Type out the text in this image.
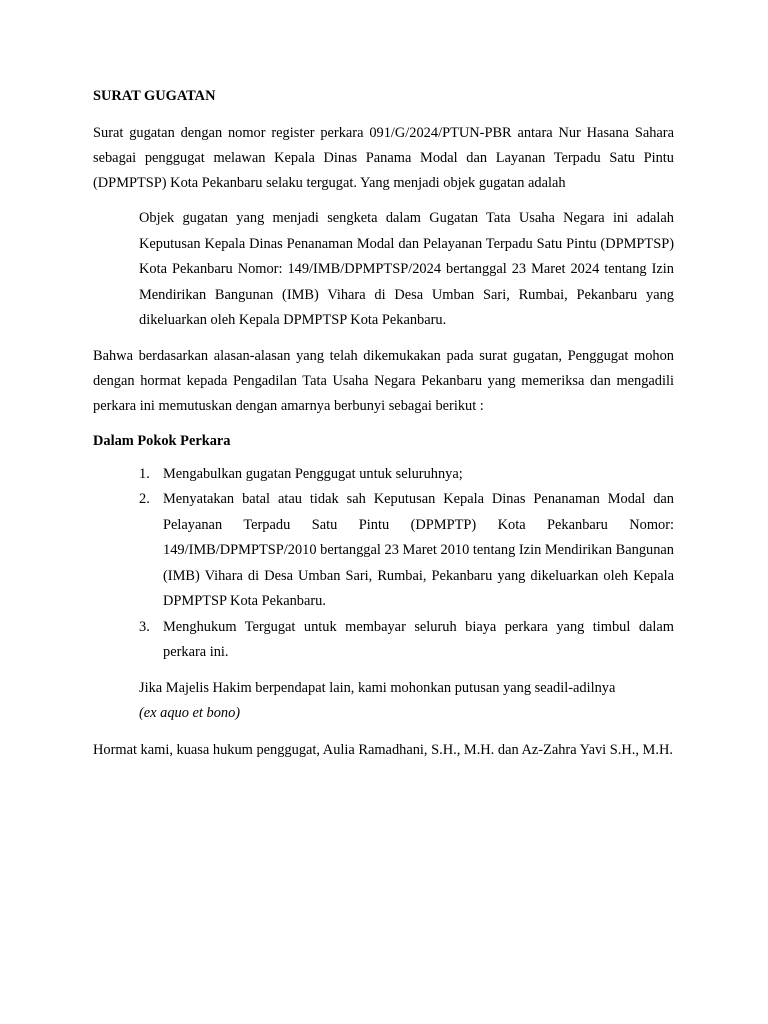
SURAT GUGATAN

Surat gugatan dengan nomor register perkara 091/G/2024/PTUN-PBR antara Nur Hasana Sahara sebagai penggugat melawan Kepala Dinas Panama Modal dan Layanan Terpadu Satu Pintu (DPMPTSP) Kota Pekanbaru selaku tergugat. Yang menjadi objek gugatan adalah

Objek gugatan yang menjadi sengketa dalam Gugatan Tata Usaha Negara ini adalah Keputusan Kepala Dinas Penanaman Modal dan Pelayanan Terpadu Satu Pintu (DPMPTSP) Kota Pekanbaru Nomor: 149/IMB/DPMPTSP/2024 bertanggal 23 Maret 2024 tentang Izin Mendirikan Bangunan (IMB) Vihara di Desa Umban Sari, Rumbai, Pekanbaru yang dikeluarkan oleh Kepala DPMPTSP Kota Pekanbaru.

Bahwa berdasarkan alasan-alasan yang telah dikemukakan pada surat gugatan, Penggugat mohon dengan hormat kepada Pengadilan Tata Usaha Negara Pekanbaru yang memeriksa dan mengadili perkara ini memutuskan dengan amarnya berbunyi sebagai berikut :

Dalam Pokok Perkara

1. Mengabulkan gugatan Penggugat untuk seluruhnya;
2. Menyatakan batal atau tidak sah Keputusan Kepala Dinas Penanaman Modal dan Pelayanan Terpadu Satu Pintu (DPMPTP) Kota Pekanbaru Nomor: 149/IMB/DPMPTSP/2010 bertanggal 23 Maret 2010 tentang Izin Mendirikan Bangunan (IMB) Vihara di Desa Umban Sari, Rumbai, Pekanbaru yang dikeluarkan oleh Kepala DPMPTSP Kota Pekanbaru.
3. Menghukum Tergugat untuk membayar seluruh biaya perkara yang timbul dalam perkara ini.

Jika Majelis Hakim berpendapat lain, kami mohonkan putusan yang seadil-adilnya
(ex aquo et bono)

Hormat kami, kuasa hukum penggugat, Aulia Ramadhani, S.H., M.H. dan Az-Zahra Yavi S.H., M.H.
